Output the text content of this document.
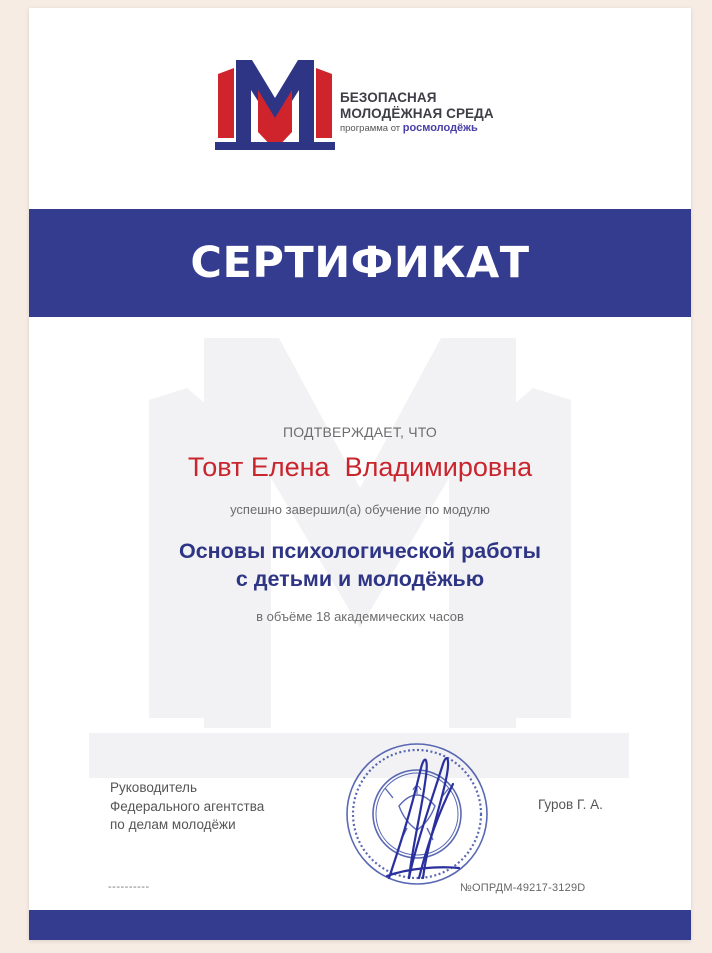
БЕЗОПАСНАЯ
МОЛОДЁЖНАЯ СРЕДА
программа от росмолодёжь
СЕРТИФИКАТ
ПОДТВЕРЖДАЕТ, ЧТО
Товт Елена  Владимировна
успешно завершил(а) обучение по модулю
Основы психологической работы
с детьми и молодёжью
в объёме 18 академических часов
Руководитель
Федерального агентства
по делам молодёжи
Гуров Г. А.
----------	№ОПРДМ-49217-3129D
